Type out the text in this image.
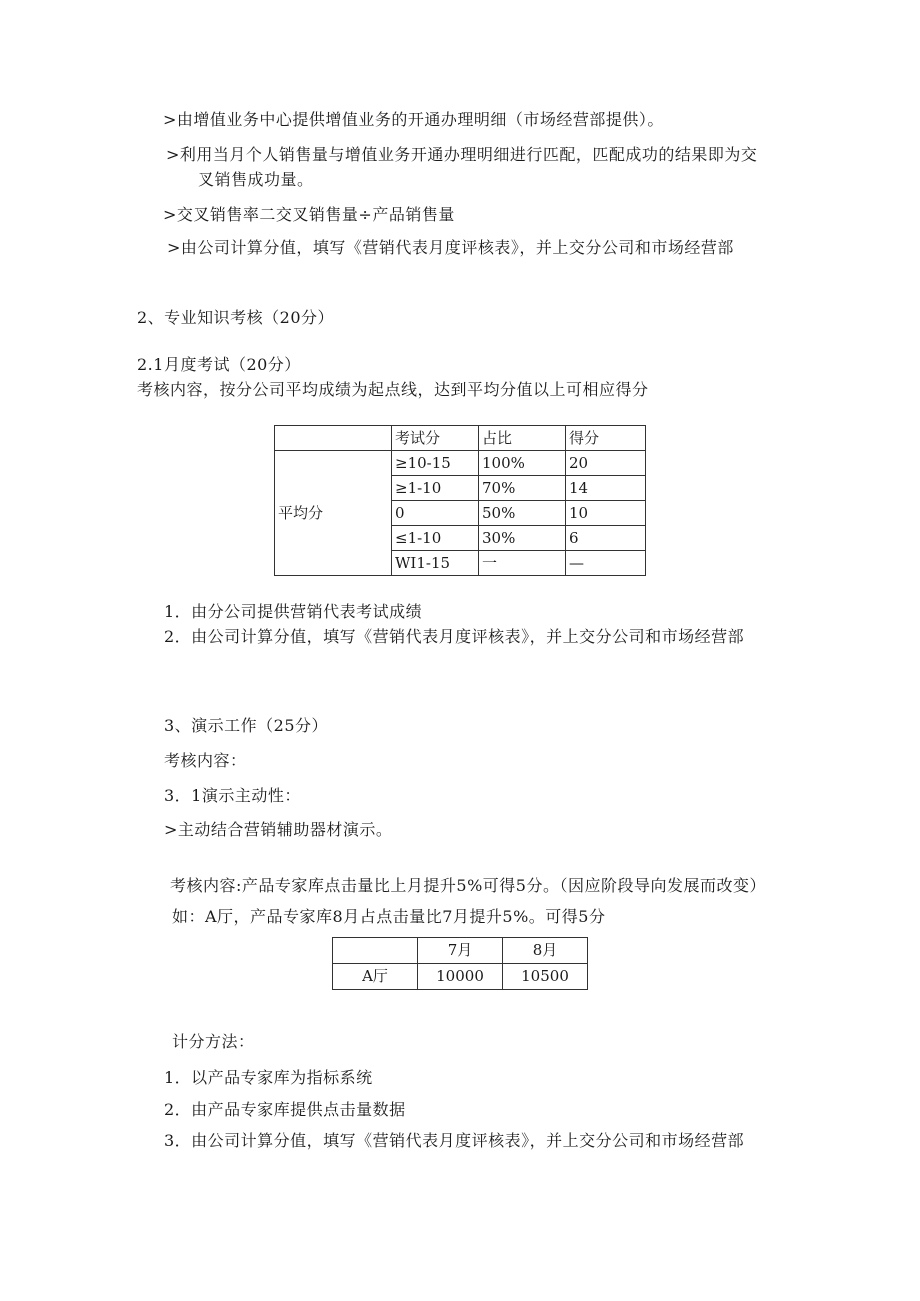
>由增值业务中心提供增值业务的开通办理明细（市场经营部提供）。
>利用当月个人销售量与增值业务开通办理明细进行匹配，匹配成功的结果即为交
叉销售成功量。
>交叉销售率二交叉销售量÷产品销售量
>由公司计算分值，填写《营销代表月度评核表》，并上交分公司和市场经营部
2、专业知识考核（20分）
2.1月度考试（20分）
考核内容，按分公司平均成绩为起点线，达到平均分值以上可相应得分
	考试分	占比	得分
平均分	≥10-15	100%	20
	≥1-10	70%	14
	0	50%	10
	≤1-10	30%	6
	WI1-15	一	—
1．由分公司提供营销代表考试成绩
2．由公司计算分值，填写《营销代表月度评核表》，并上交分公司和市场经营部
3、演示工作（25分）
考核内容：
3．1演示主动性：
>主动结合营销辅助器材演示。
考核内容:产品专家库点击量比上月提升5%可得5分。（因应阶段导向发展而改变）
如：A厅，产品专家库8月占点击量比7月提升5%。可得5分
	7月	8月
A厅	10000	10500
计分方法：
1．以产品专家库为指标系统
2．由产品专家库提供点击量数据
3．由公司计算分值，填写《营销代表月度评核表》，并上交分公司和市场经营部
